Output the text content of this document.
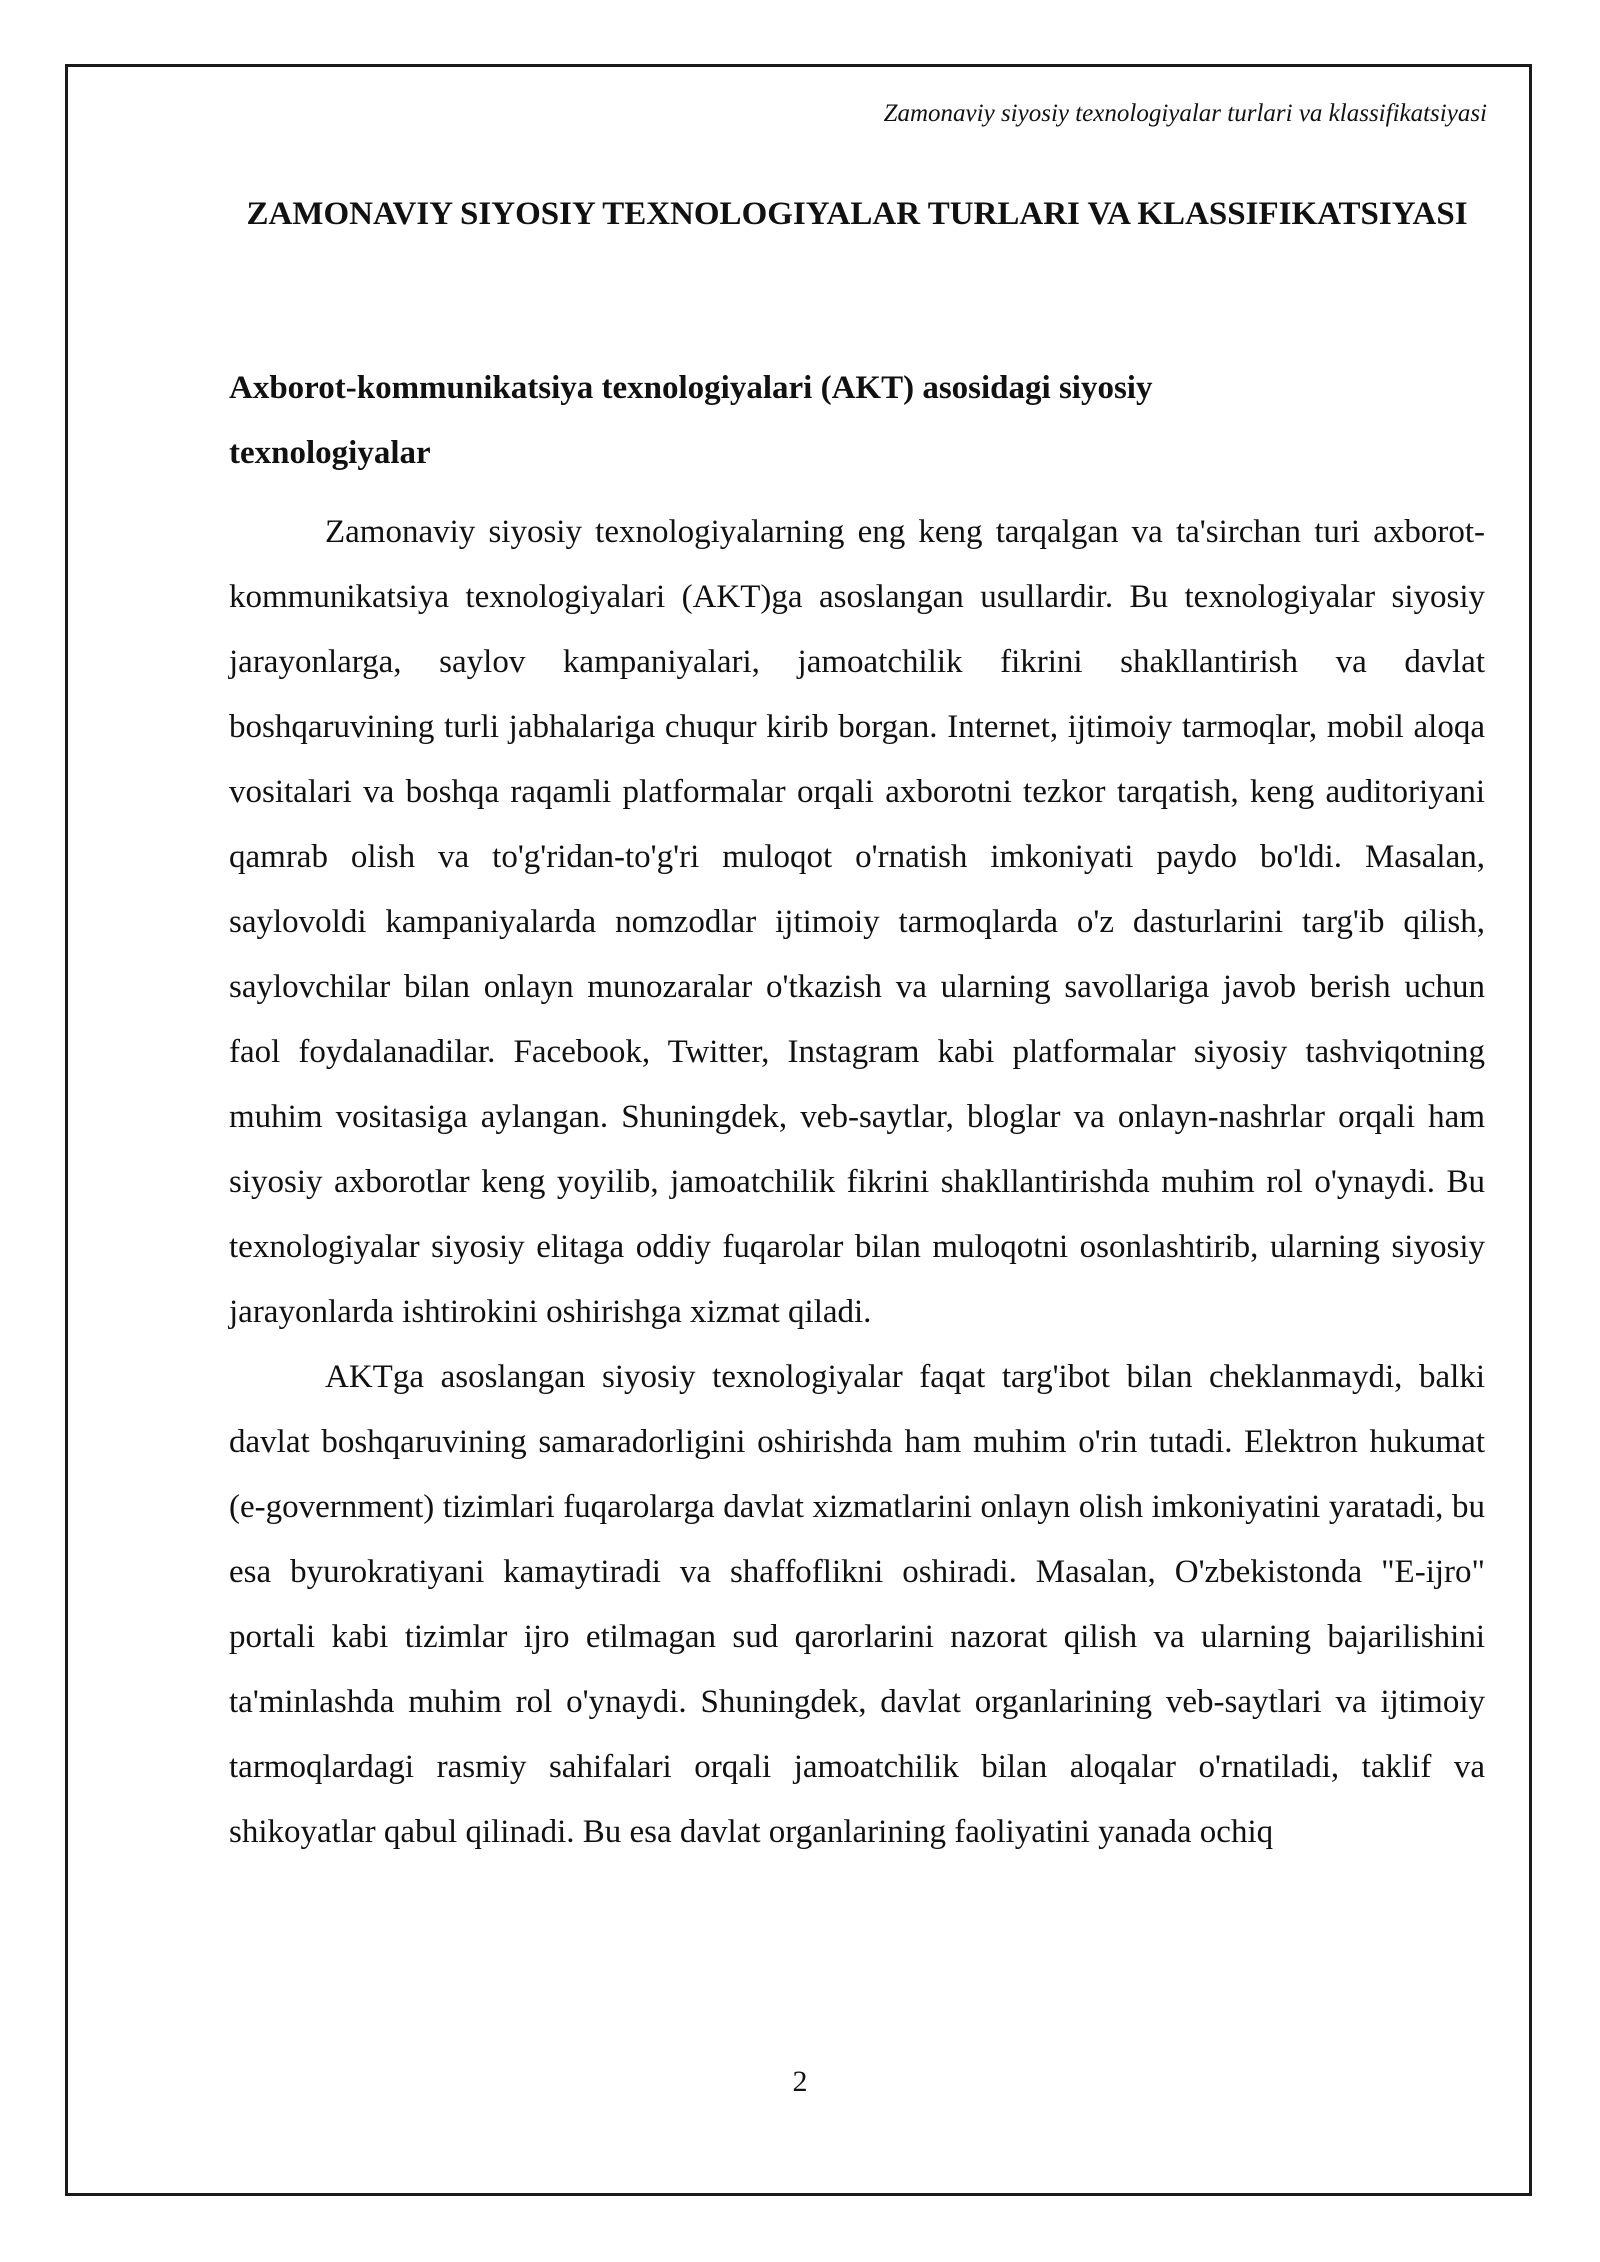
Zamonaviy siyosiy texnologiyalar turlari va klassifikatsiyasi
ZAMONAVIY SIYOSIY TEXNOLOGIYALAR TURLARI VA KLASSIFIKATSIYASI
Axborot-kommunikatsiya texnologiyalari (AKT) asosidagi siyosiy texnologiyalar

Zamonaviy siyosiy texnologiyalarning eng keng tarqalgan va ta'sirchan turi axborot-kommunikatsiya texnologiyalari (AKT)ga asoslangan usullardir. Bu texnologiyalar siyosiy jarayonlarga, saylov kampaniyalari, jamoatchilik fikrini shakllantirish va davlat boshqaruvining turli jabhalariga chuqur kirib borgan. Internet, ijtimoiy tarmoqlar, mobil aloqa vositalari va boshqa raqamli platformalar orqali axborotni tezkor tarqatish, keng auditoriyani qamrab olish va to'g'ridan-to'g'ri muloqot o'rnatish imkoniyati paydo bo'ldi. Masalan, saylovoldi kampaniyalarda nomzodlar ijtimoiy tarmoqlarda o'z dasturlarini targ'ib qilish, saylovchilar bilan onlayn munozaralar o'tkazish va ularning savollariga javob berish uchun faol foydalanadilar. Facebook, Twitter, Instagram kabi platformalar siyosiy tashviqotning muhim vositasiga aylangan. Shuningdek, veb-saytlar, bloglar va onlayn-nashrlar orqali ham siyosiy axborotlar keng yoyilib, jamoatchilik fikrini shakllantirishda muhim rol o'ynaydi. Bu texnologiyalar siyosiy elitaga oddiy fuqarolar bilan muloqotni osonlashtirib, ularning siyosiy jarayonlarda ishtirokini oshirishga xizmat qiladi.

AKTga asoslangan siyosiy texnologiyalar faqat targ'ibot bilan cheklanmaydi, balki davlat boshqaruvining samaradorligini oshirishda ham muhim o'rin tutadi. Elektron hukumat (e-government) tizimlari fuqarolarga davlat xizmatlarini onlayn olish imkoniyatini yaratadi, bu esa byurokratiyani kamaytiradi va shaffoflikni oshiradi. Masalan, O'zbekistonda "E-ijro" portali kabi tizimlar ijro etilmagan sud qarorlarini nazorat qilish va ularning bajarilishini ta'minlashda muhim rol o'ynaydi. Shuningdek, davlat organlarining veb-saytlari va ijtimoiy tarmoqlardagi rasmiy sahifalari orqali jamoatchilik bilan aloqalar o'rnatiladi, taklif va shikoyatlar qabul qilinadi. Bu esa davlat organlarining faoliyatini yanada ochiq

2
